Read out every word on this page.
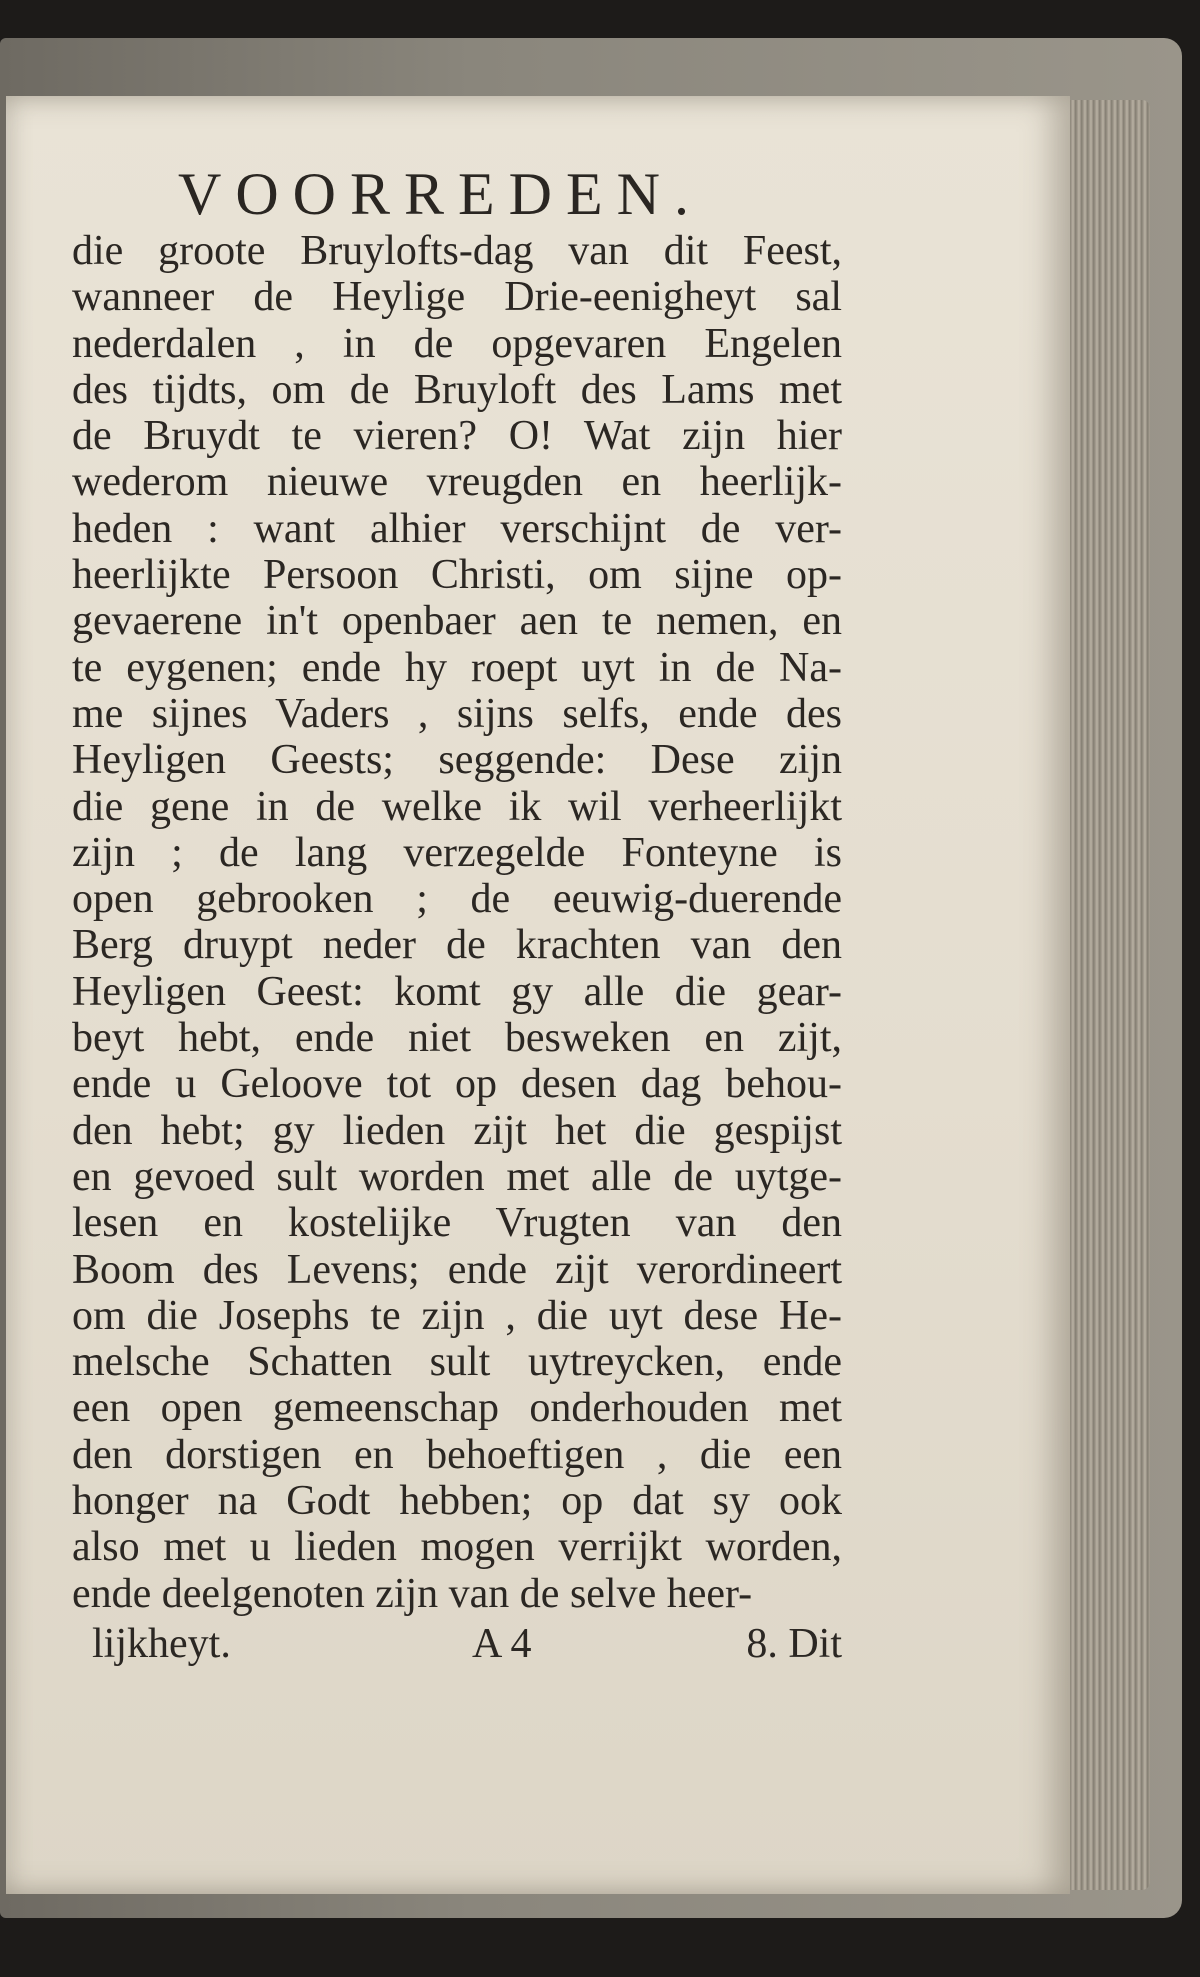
VOORREDEN.
die groote Bruylofts-dag van dit Feest,
wanneer de Heylige Drie-eenigheyt sal
nederdalen , in de opgevaren Engelen
des tijdts, om de Bruyloft des Lams met
de Bruydt te vieren? O! Wat zijn hier
wederom nieuwe vreugden en heerlijk-
heden : want alhier verschijnt de ver-
heerlijkte Persoon Christi, om sijne op-
gevaerene in't openbaer aen te nemen, en
te eygenen; ende hy roept uyt in de Na-
me sijnes Vaders , sijns selfs, ende des
Heyligen Geests; seggende: Dese zijn
die gene in de welke ik wil verheerlijkt
zijn ; de lang verzegelde Fonteyne is
open gebrooken ; de eeuwig-duerende
Berg druypt neder de krachten van den
Heyligen Geest: komt gy alle die gear-
beyt hebt, ende niet beswеken en zijt,
ende u Geloove tot op desen dag behou-
den hebt; gy lieden zijt het die gespijst
en gevoed sult worden met alle de uytge-
lesen en kostelijke Vrugten van den
Boom des Levens; ende zijt verordineert
om die Josephs te zijn , die uyt dese He-
melsche Schatten sult uytreycken, ende
een open gemeenschap onderhouden met
den dorstigen en behoeftigen , die een
honger na Godt hebben; op dat sy ook
also met u lieden mogen verrijkt worden,
ende deelgenoten zijn van de selve heer-
lijkheyt.	A 4	8. Dit
